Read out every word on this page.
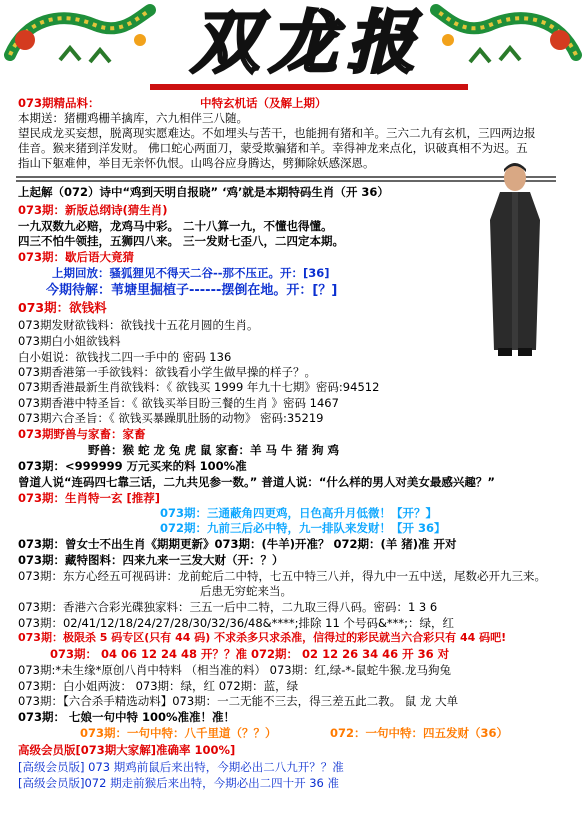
双龙报
073期精品料：	中特玄机话（及解上期）
本期送：猪棚鸡栅羊擒库，六九相伴三八随。
望民成龙买妄想，脱离现实愿难达。不如埋头与苦干，也能拥有猪和羊。三六二九有玄机，三四两边报
佳音。猴来猪到洋发财。 佛口蛇心两面刀，蒙受欺骗猪和羊。幸得神龙来点化，识破真相不为迟。五
指山下躯难伸，举目无亲怀仇恨。山鸣谷应身腾达，劈狮除妖感深恩。
上起解（072）诗中“鸡到天明自报晓” ‘鸡’就是本期特码生肖（开 36）
073期：新版总纲诗(猜生肖)
一九双数九必赔，龙鸡马中彩。 二十八算一九，不懂也得懂。
四三不怕牛领挂，五狮四八来。 三一发财七歪八，二四定本期。
073期：歇后语大竟猜
上期回放：骚狐狸见不得天二谷--那不压正。开：[36]
今期待解：苇塘里掘植子------摆倒在地。开：[？]
073期：欲钱料
073期发财欲钱料：欲钱找十五花月圆的生肖。
073期白小姐欲钱料
白小姐说：欲钱找二四一手中的 密码 136
073期香港第一手欲钱料：欲钱看小学生做早操的样子？。
073期香港最新生肖欲钱料：《 欲钱买 1999 年九十七期》密码:94512
073期香港中特圣旨：《 欲钱买举目盼三餐的生肖 》密码 1467
073期六合圣旨：《 欲钱买暴躁肌肚肠的动物》 密码:35219
073期野兽与家畜：家畜
野兽：猴 蛇 龙 兔 虎 鼠 家畜：羊 马 牛 猪 狗 鸡
073期：<999999 万元买来的料 100%准
曾道人说“连码四七靠三话，二九共见参一数。” 普道人说：“什么样的男人对美女最感兴趣？”
073期：生肖特一玄 [推荐]
073期：三通蔽角四更鸡，日色高升月低微！【开？】
072期：九前三后必中特，九一排队来发财！【开 36】
073期：曾女士不出生肖《期期更新》073期：(牛羊)开准？ 072期：(羊 猪)准 开对
073期：藏特图料：四来九来一三发大财（开：？）
073期：东方心经五可视码讲：龙前蛇后二中特，七五中特三八并，得九中一五中送，尾数必开九三来。
后患无穷蛇来当。
073期：香港六合彩光碟独家料：三五一后中二特，二九取三得八码。密码：1 3 6
073期：02/41/12/18/24/27/28/30/32/36/48&****;排除 11 个号码&***;：绿，红
073期：极限杀 5 码专区(只有 44 码) 不求杀多只求杀准，信得过的彩民就当六合彩只有 44 码吧!
073期： 04 06 12 24 48 开？？准 072期： 02 12 26 34 46 开 36 对
073期:*未生缘*原创八肖中特料 （相当准的料） 073期：红,绿-*-鼠蛇牛猴.龙马狗兔
073期：白小姐两波： 073期：绿，红 072期：蓝，绿
073期：【六合杀手精选动料】073期：一二无能不三去，得三差五此二教。 鼠 龙 大单
073期： 七娘一句中特 100%准准！准！
073期：一句中特：八千里道（？？）	072：一句中特：四五发财（36）
高级会员版[073期大家解]准确率 100%]
[高级会员版] 073 期鸡前鼠后来出特，今期必出二八九开？？准
[高级会员版]072 期走前猴后来出特，今期必出二四十开 36 准
